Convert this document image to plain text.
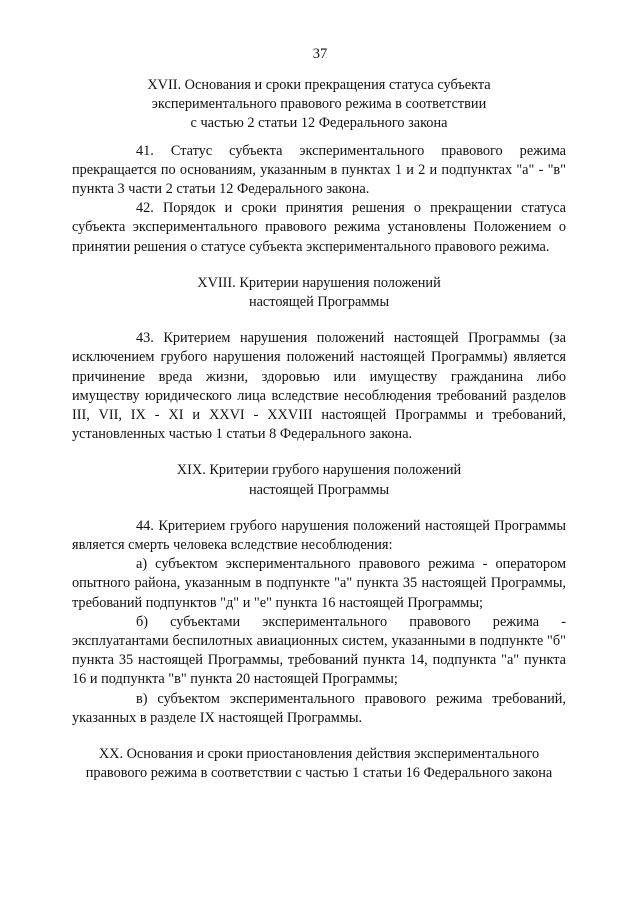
37
XVII. Основания и сроки прекращения статуса субъекта
экспериментального правового режима в соответствии
с частью 2 статьи 12 Федерального закона

41. Статус субъекта экспериментального правового режима прекращается по основаниям, указанным в пунктах 1 и 2 и подпунктах "а" - "в" пункта 3 части 2 статьи 12 Федерального закона.

42. Порядок и сроки принятия решения о прекращении статуса субъекта экспериментального правового режима установлены Положением о принятии решения о статусе субъекта экспериментального правового режима.

XVIII. Критерии нарушения положений
настоящей Программы

43. Критерием нарушения положений настоящей Программы (за исключением грубого нарушения положений настоящей Программы) является причинение вреда жизни, здоровью или имуществу гражданина либо имуществу юридического лица вследствие несоблюдения требований разделов III, VII, IX - XI и XXVI - XXVIII настоящей Программы и требований, установленных частью 1 статьи 8 Федерального закона.

XIX. Критерии грубого нарушения положений
настоящей Программы

44. Критерием грубого нарушения положений настоящей Программы является смерть человека вследствие несоблюдения:

а) субъектом экспериментального правового режима - оператором опытного района, указанным в подпункте "а" пункта 35 настоящей Программы, требований подпунктов "д" и "е" пункта 16 настоящей Программы;

б) субъектами экспериментального правового режима - эксплуатантами беспилотных авиационных систем, указанными в подпункте "б" пункта 35 настоящей Программы, требований пункта 14, подпункта "а" пункта 16 и подпункта "в" пункта 20 настоящей Программы;

в) субъектом экспериментального правового режима требований, указанных в разделе IX настоящей Программы.

XX. Основания и сроки приостановления действия экспериментального
правового режима в соответствии с частью 1 статьи 16 Федерального закона
